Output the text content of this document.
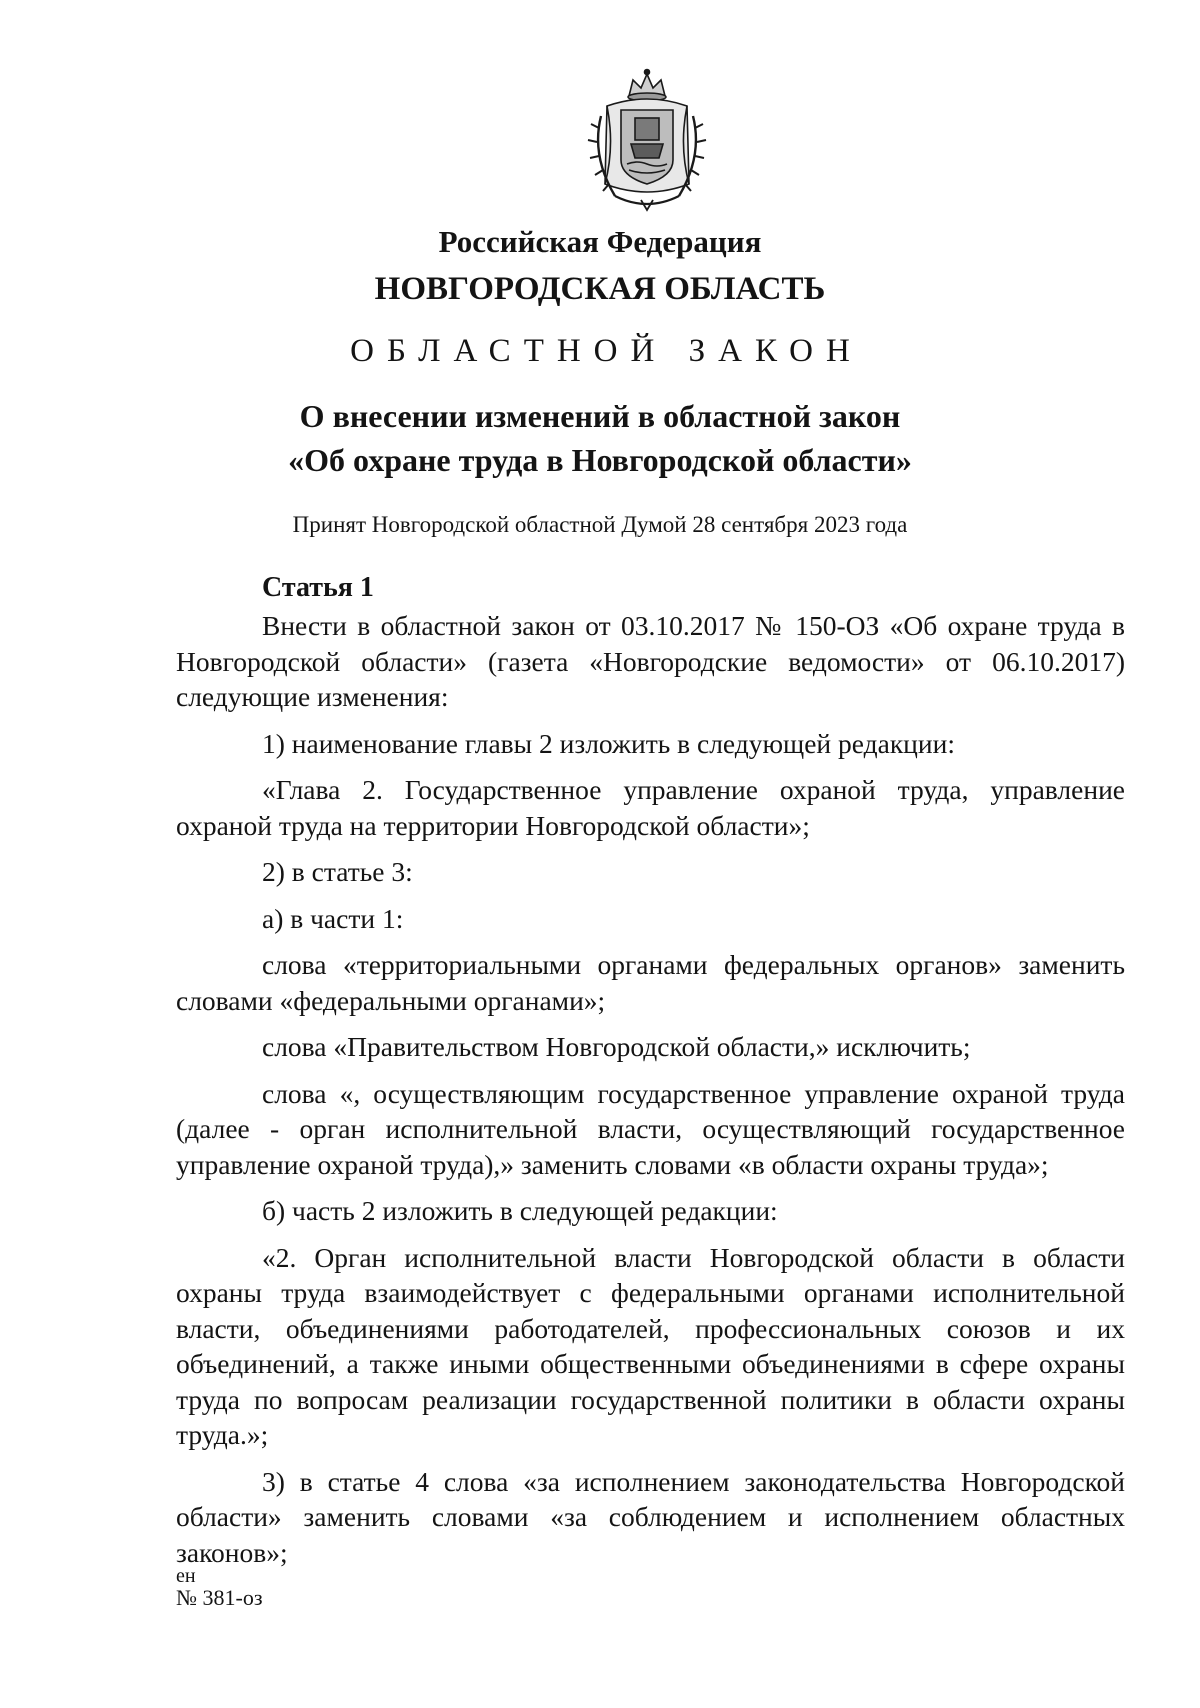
Российская Федерация
НОВГОРОДСКАЯ ОБЛАСТЬ
ОБЛАСТНОЙ ЗАКОН
О внесении изменений в областной закон
«Об охране труда в Новгородской области»
Принят Новгородской областной Думой 28 сентября 2023 года
Статья 1

Внести в областной закон от 03.10.2017 № 150-ОЗ «Об охране труда в Новгородской области» (газета «Новгородские ведомости» от 06.10.2017) следующие изменения:

1) наименование главы 2 изложить в следующей редакции:

«Глава 2. Государственное управление охраной труда, управление охраной труда на территории Новгородской области»;

2) в статье 3:

а) в части 1:

слова «территориальными органами федеральных органов» заменить словами «федеральными органами»;

слова «Правительством Новгородской области,» исключить;

слова «, осуществляющим государственное управление охраной труда (далее - орган исполнительной власти, осуществляющий государственное управление охраной труда),» заменить словами «в области охраны труда»;

б) часть 2 изложить в следующей редакции:

«2. Орган исполнительной власти Новгородской области в области охраны труда взаимодействует с федеральными органами исполнительной власти, объединениями работодателей, профессиональных союзов и их объединений, а также иными общественными объединениями в сфере охраны труда по вопросам реализации государственной политики в области охраны труда.»;

3) в статье 4 слова «за исполнением законодательства Новгородской области» заменить словами «за соблюдением и исполнением областных законов»;

ен
№ 381-оз
